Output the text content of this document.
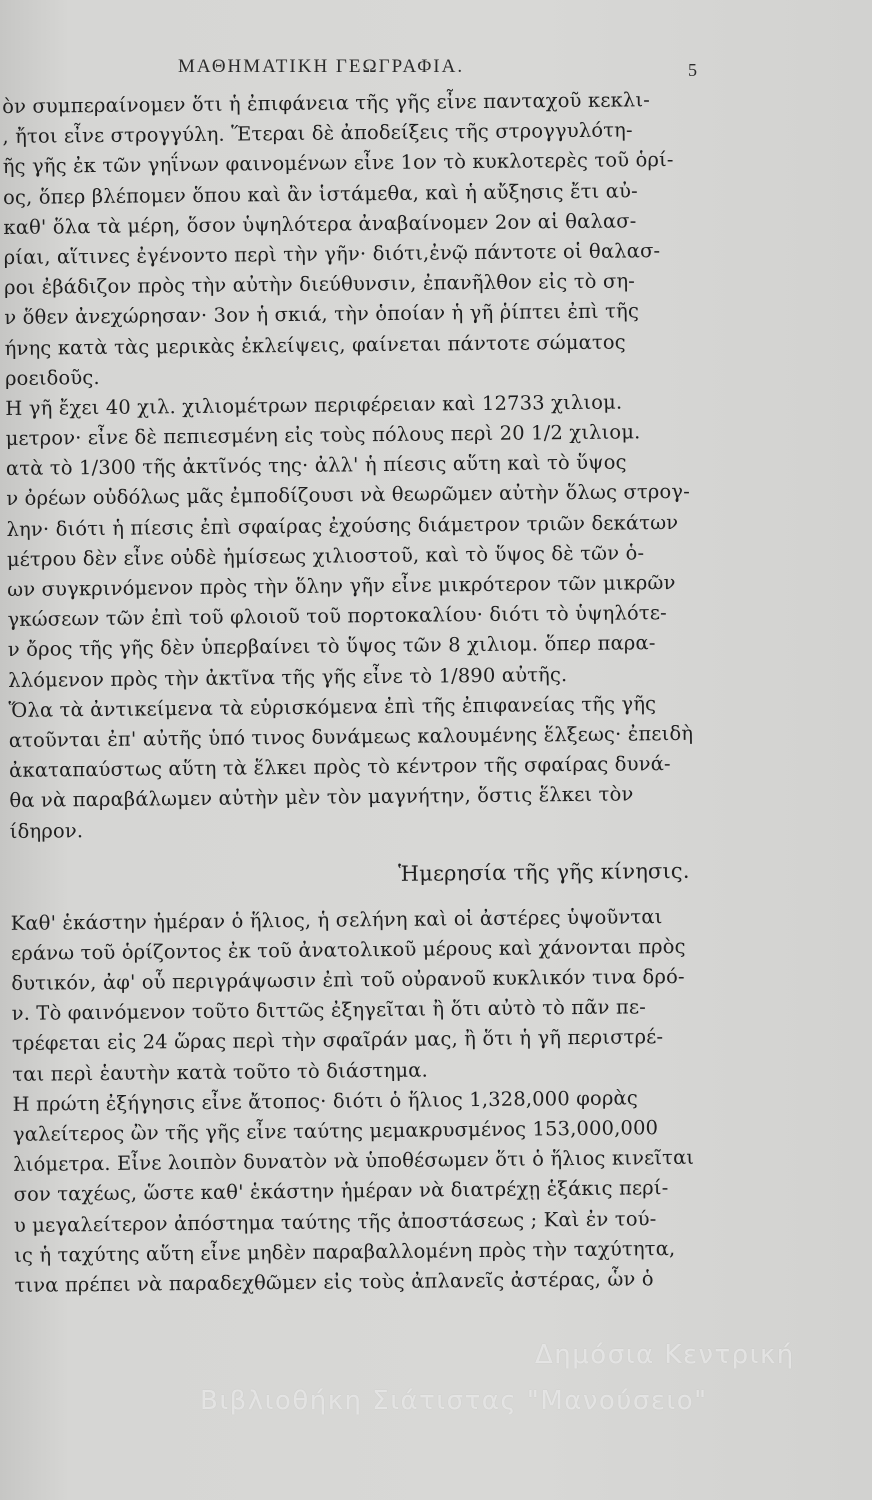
ΜΑΘΗΜΑΤΙΚΗ ΓΕΩΓΡΑΦΙΑ.	5
ὸν συμπεραίνομεν ὅτι ἡ ἐπιφάνεια τῆς γῆς εἶνε πανταχοῦ κεκλι-
, ἤτοι εἶνε στρογγύλη. Ἕτεραι δὲ ἀποδείξεις τῆς στρογγυλότη-
ῆς γῆς ἐκ τῶν γηΐνων φαινομένων εἶνε 1ον τὸ κυκλοτερὲς τοῦ ὁρί-
ος, ὅπερ βλέπομεν ὅπου καὶ ἂν ἱστάμεθα, καὶ ἡ αὔξησις ἔτι αὐ-
καθ' ὅλα τὰ μέρη, ὅσον ὑψηλότερα ἀναβαίνομεν 2ον αἱ θαλασ-
ρίαι, αἵτινες ἐγένοντο περὶ τὴν γῆν· διότι,ἐνῷ πάντοτε οἱ θαλασ-
ροι ἐβάδιζον πρὸς τὴν αὐτὴν διεύθυνσιν, ἐπανῆλθον εἰς τὸ ση-
ν ὅθεν ἀνεχώρησαν· 3ον ἡ σκιά, τὴν ὁποίαν ἡ γῆ ῥίπτει ἐπὶ τῆς
ήνης κατὰ τὰς μερικὰς ἐκλείψεις, φαίνεται πάντοτε σώματος
ροειδοῦς.
Η γῆ ἔχει 40 χιλ. χιλιομέτρων περιφέρειαν καὶ 12733 χιλιομ.
μετρον· εἶνε δὲ πεπιεσμένη εἰς τοὺς πόλους περὶ 20 1/2 χιλιομ.
ατὰ τὸ 1/300 τῆς ἀκτῖνός της· ἀλλ' ἡ πίεσις αὕτη καὶ τὸ ὕψος
ν ὀρέων οὐδόλως μᾶς ἐμποδίζουσι νὰ θεωρῶμεν αὐτὴν ὅλως στρογ-
λην· διότι ἡ πίεσις ἐπὶ σφαίρας ἐχούσης διάμετρον τριῶν δεκάτων
μέτρου δὲν εἶνε οὐδὲ ἡμίσεως χιλιοστοῦ, καὶ τὸ ὕψος δὲ τῶν ὁ-
ων συγκρινόμενον πρὸς τὴν ὅλην γῆν εἶνε μικρότερον τῶν μικρῶν
γκώσεων τῶν ἐπὶ τοῦ φλοιοῦ τοῦ πορτοκαλίου· διότι τὸ ὑψηλότε-
ν ὄρος τῆς γῆς δὲν ὑπερβαίνει τὸ ὕψος τῶν 8 χιλιομ. ὅπερ παρα-
λλόμενον πρὸς τὴν ἀκτῖνα τῆς γῆς εἶνε τὸ 1/890 αὐτῆς.
Ὅλα τὰ ἀντικείμενα τὰ εὑρισκόμενα ἐπὶ τῆς ἐπιφανείας τῆς γῆς
ατοῦνται ἐπ' αὐτῆς ὑπό τινος δυνάμεως καλουμένης ἕλξεως· ἐπειδὴ
ἀκαταπαύστως αὕτη τὰ ἕλκει πρὸς τὸ κέντρον τῆς σφαίρας δυνά-
θα νὰ παραβάλωμεν αὐτὴν μὲν τὸν μαγνήτην, ὅστις ἕλκει τὸν
ίδηρον.
Ἡμερησία τῆς γῆς κίνησις.
Καθ' ἑκάστην ἡμέραν ὁ ἥλιος, ἡ σελήνη καὶ οἱ ἀστέρες ὑψοῦνται
εράνω τοῦ ὁρίζοντος ἐκ τοῦ ἀνατολικοῦ μέρους καὶ χάνονται πρὸς
δυτικόν, ἀφ' οὗ περιγράψωσιν ἐπὶ τοῦ οὐρανοῦ κυκλικόν τινα δρό-
ν. Τὸ φαινόμενον τοῦτο διττῶς ἐξηγεῖται ἢ ὅτι αὐτὸ τὸ πᾶν πε-
τρέφεται εἰς 24 ὥρας περὶ τὴν σφαῖράν μας, ἢ ὅτι ἡ γῆ περιστρέ-
ται περὶ ἑαυτὴν κατὰ τοῦτο τὸ διάστημα.
Η πρώτη ἐξήγησις εἶνε ἄτοπος· διότι ὁ ἥλιος 1,328,000 φορὰς
γαλείτερος ὢν τῆς γῆς εἶνε ταύτης μεμακρυσμένος 153,000,000
λιόμετρα. Εἶνε λοιπὸν δυνατὸν νὰ ὑποθέσωμεν ὅτι ὁ ἥλιος κινεῖται
σον ταχέως, ὥστε καθ' ἑκάστην ἡμέραν νὰ διατρέχῃ ἑξάκις περί-
υ μεγαλείτερον ἀπόστημα ταύτης τῆς ἀποστάσεως ; Καὶ ἐν τού-
ις ἡ ταχύτης αὕτη εἶνε μηδὲν παραβαλλομένη πρὸς τὴν ταχύτητα,
τινα πρέπει νὰ παραδεχθῶμεν εἰς τοὺς ἀπλανεῖς ἀστέρας, ὧν ὁ
Δημόσια Κεντρική
Βιβλιοθήκη Σιάτιστας "Μανούσειο"
